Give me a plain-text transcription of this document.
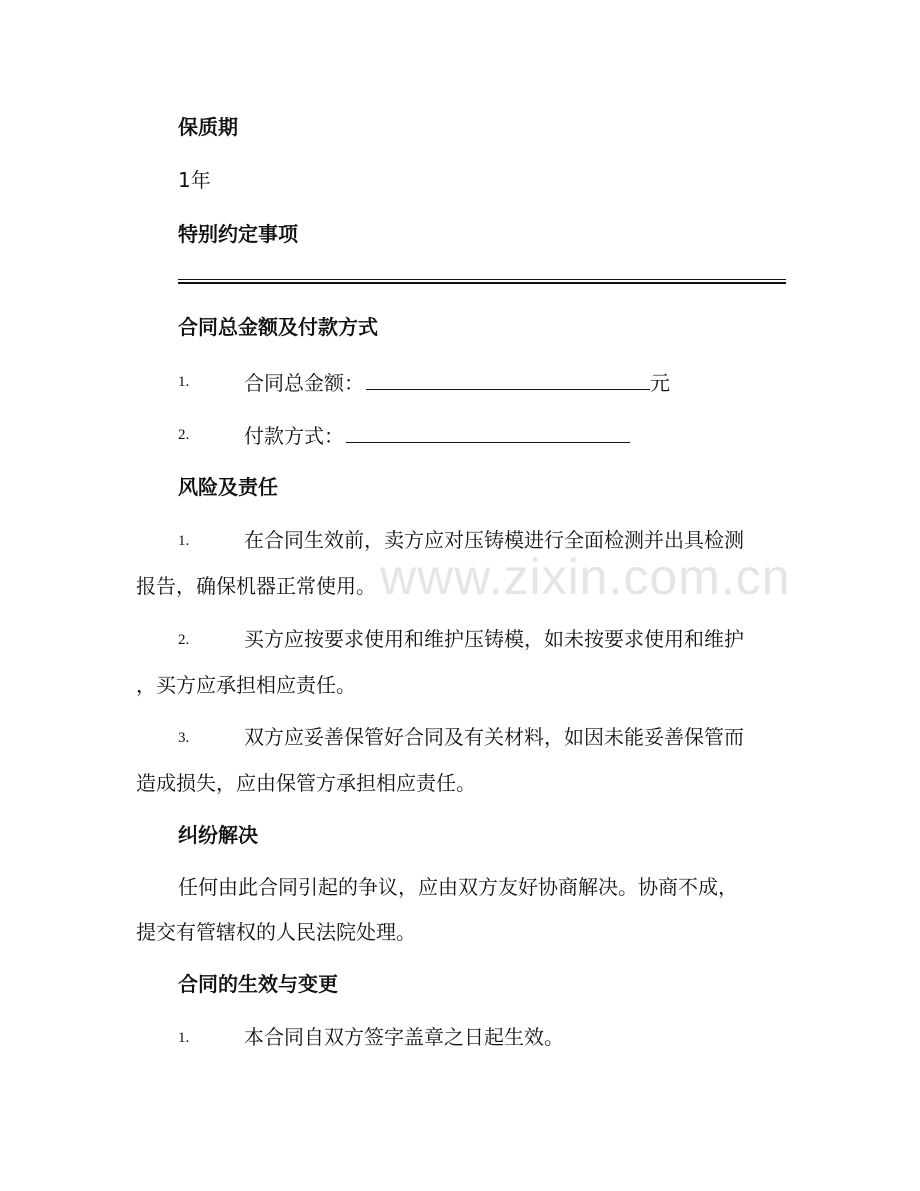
保质期
1年
特别约定事项
合同总金额及付款方式
1.	合同总金额：	元
2.	付款方式：
风险及责任
1.	在合同生效前，卖方应对压铸模进行全面检测并出具检测
报告，确保机器正常使用。
2.	买方应按要求使用和维护压铸模，如未按要求使用和维护
，买方应承担相应责任。
3.	双方应妥善保管好合同及有关材料，如因未能妥善保管而
造成损失，应由保管方承担相应责任。
纠纷解决
任何由此合同引起的争议，应由双方友好协商解决。协商不成，
提交有管辖权的人民法院处理。
合同的生效与变更
1.	本合同自双方签字盖章之日起生效。
www.zixin.com.cn
